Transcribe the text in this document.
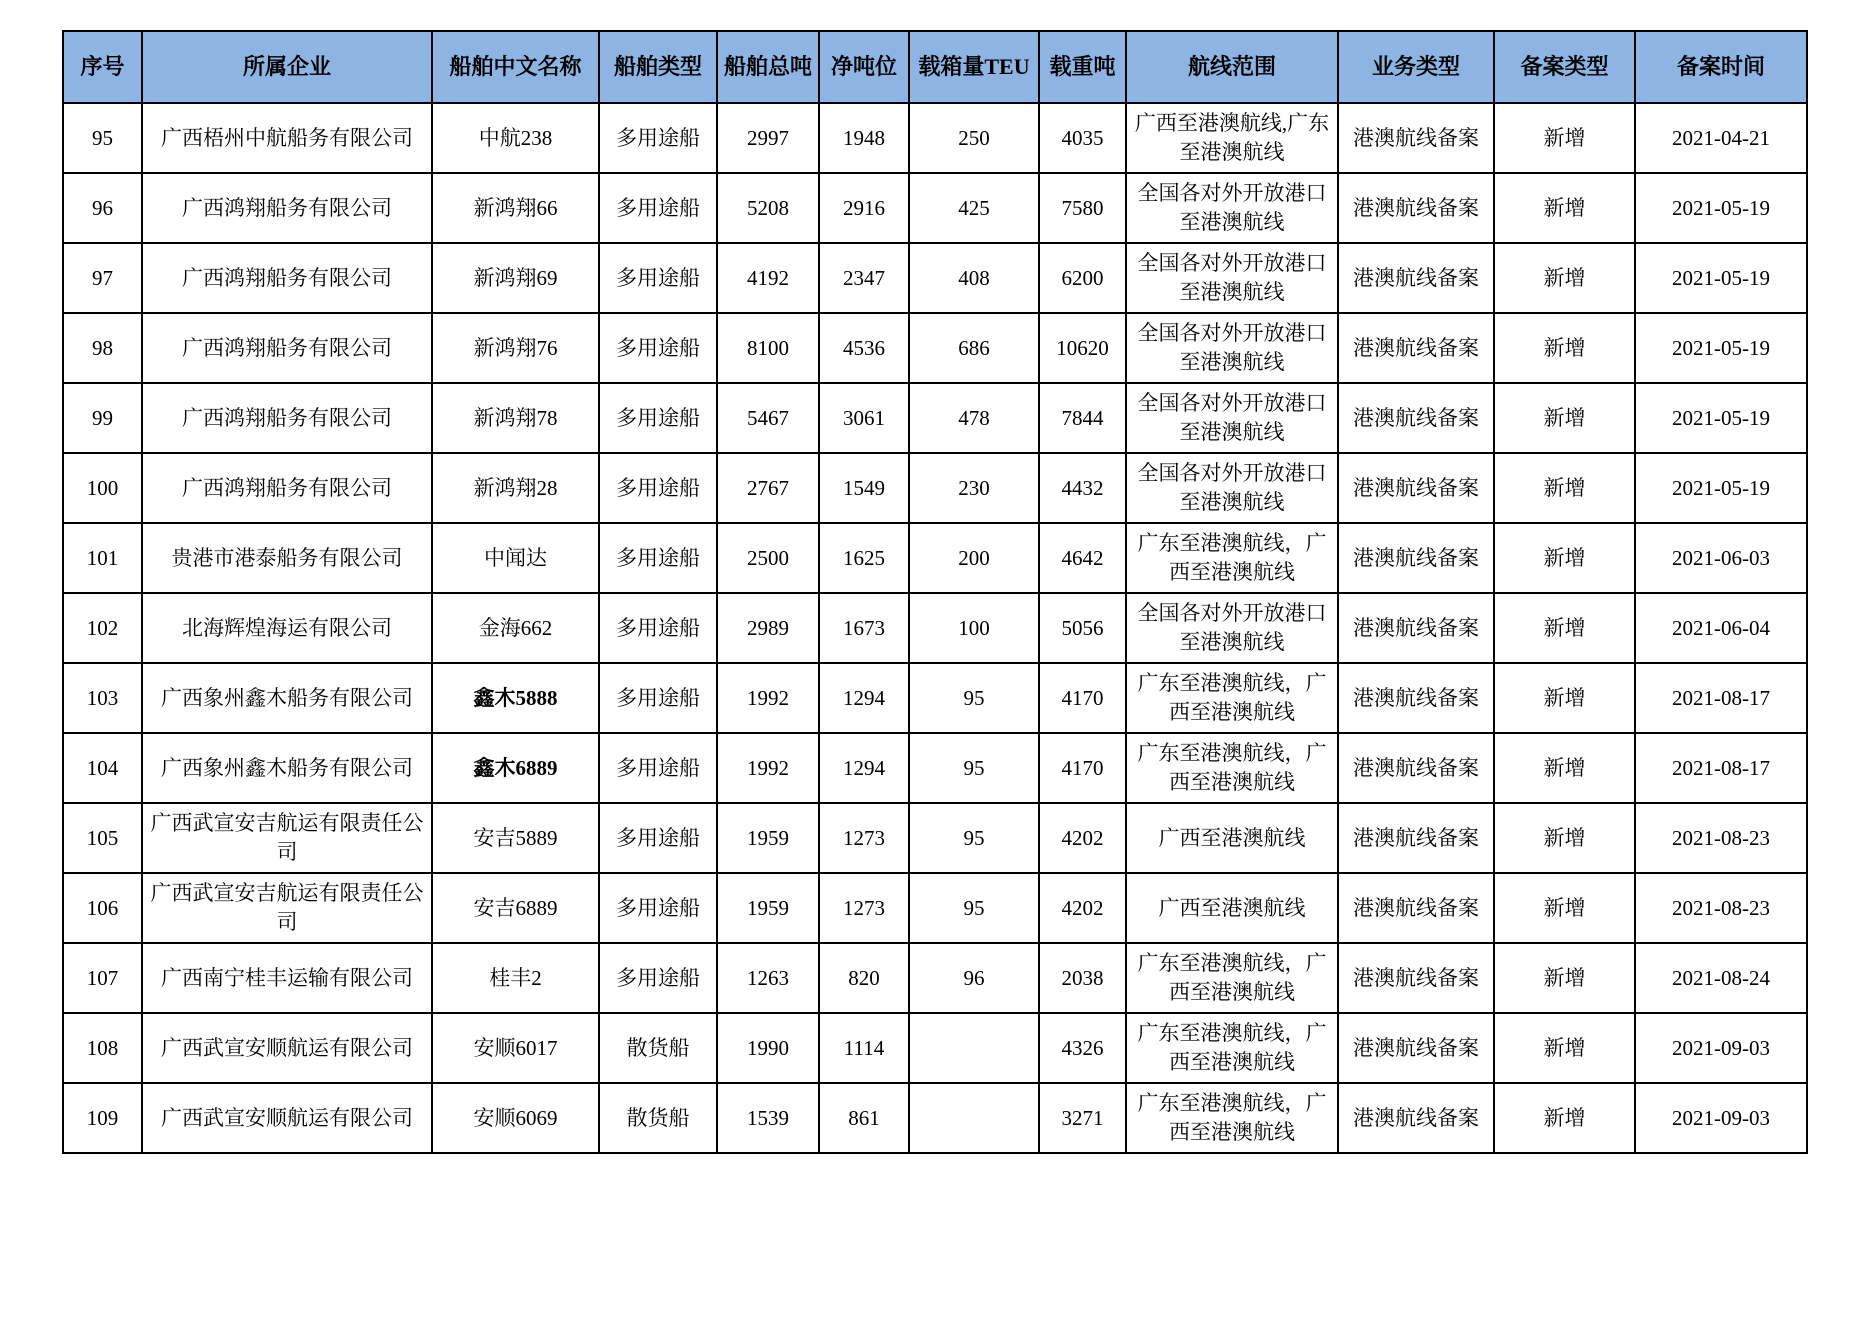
序号	所属企业	船舶中文名称	船舶类型	船舶总吨	净吨位	载箱量TEU	载重吨	航线范围	业务类型	备案类型	备案时间
95	广西梧州中航船务有限公司	中航238	多用途船	2997	1948	250	4035	广西至港澳航线,广东至港澳航线	港澳航线备案	新增	2021-04-21
96	广西鸿翔船务有限公司	新鸿翔66	多用途船	5208	2916	425	7580	全国各对外开放港口至港澳航线	港澳航线备案	新增	2021-05-19
97	广西鸿翔船务有限公司	新鸿翔69	多用途船	4192	2347	408	6200	全国各对外开放港口至港澳航线	港澳航线备案	新增	2021-05-19
98	广西鸿翔船务有限公司	新鸿翔76	多用途船	8100	4536	686	10620	全国各对外开放港口至港澳航线	港澳航线备案	新增	2021-05-19
99	广西鸿翔船务有限公司	新鸿翔78	多用途船	5467	3061	478	7844	全国各对外开放港口至港澳航线	港澳航线备案	新增	2021-05-19
100	广西鸿翔船务有限公司	新鸿翔28	多用途船	2767	1549	230	4432	全国各对外开放港口至港澳航线	港澳航线备案	新增	2021-05-19
101	贵港市港泰船务有限公司	中闻达	多用途船	2500	1625	200	4642	广东至港澳航线，广西至港澳航线	港澳航线备案	新增	2021-06-03
102	北海辉煌海运有限公司	金海662	多用途船	2989	1673	100	5056	全国各对外开放港口至港澳航线	港澳航线备案	新增	2021-06-04
103	广西象州鑫木船务有限公司	鑫木5888	多用途船	1992	1294	95	4170	广东至港澳航线，广西至港澳航线	港澳航线备案	新增	2021-08-17
104	广西象州鑫木船务有限公司	鑫木6889	多用途船	1992	1294	95	4170	广东至港澳航线，广西至港澳航线	港澳航线备案	新增	2021-08-17
105	广西武宣安吉航运有限责任公司	安吉5889	多用途船	1959	1273	95	4202	广西至港澳航线	港澳航线备案	新增	2021-08-23
106	广西武宣安吉航运有限责任公司	安吉6889	多用途船	1959	1273	95	4202	广西至港澳航线	港澳航线备案	新增	2021-08-23
107	广西南宁桂丰运输有限公司	桂丰2	多用途船	1263	820	96	2038	广东至港澳航线，广西至港澳航线	港澳航线备案	新增	2021-08-24
108	广西武宣安顺航运有限公司	安顺6017	散货船	1990	1114		4326	广东至港澳航线，广西至港澳航线	港澳航线备案	新增	2021-09-03
109	广西武宣安顺航运有限公司	安顺6069	散货船	1539	861		3271	广东至港澳航线，广西至港澳航线	港澳航线备案	新增	2021-09-03
